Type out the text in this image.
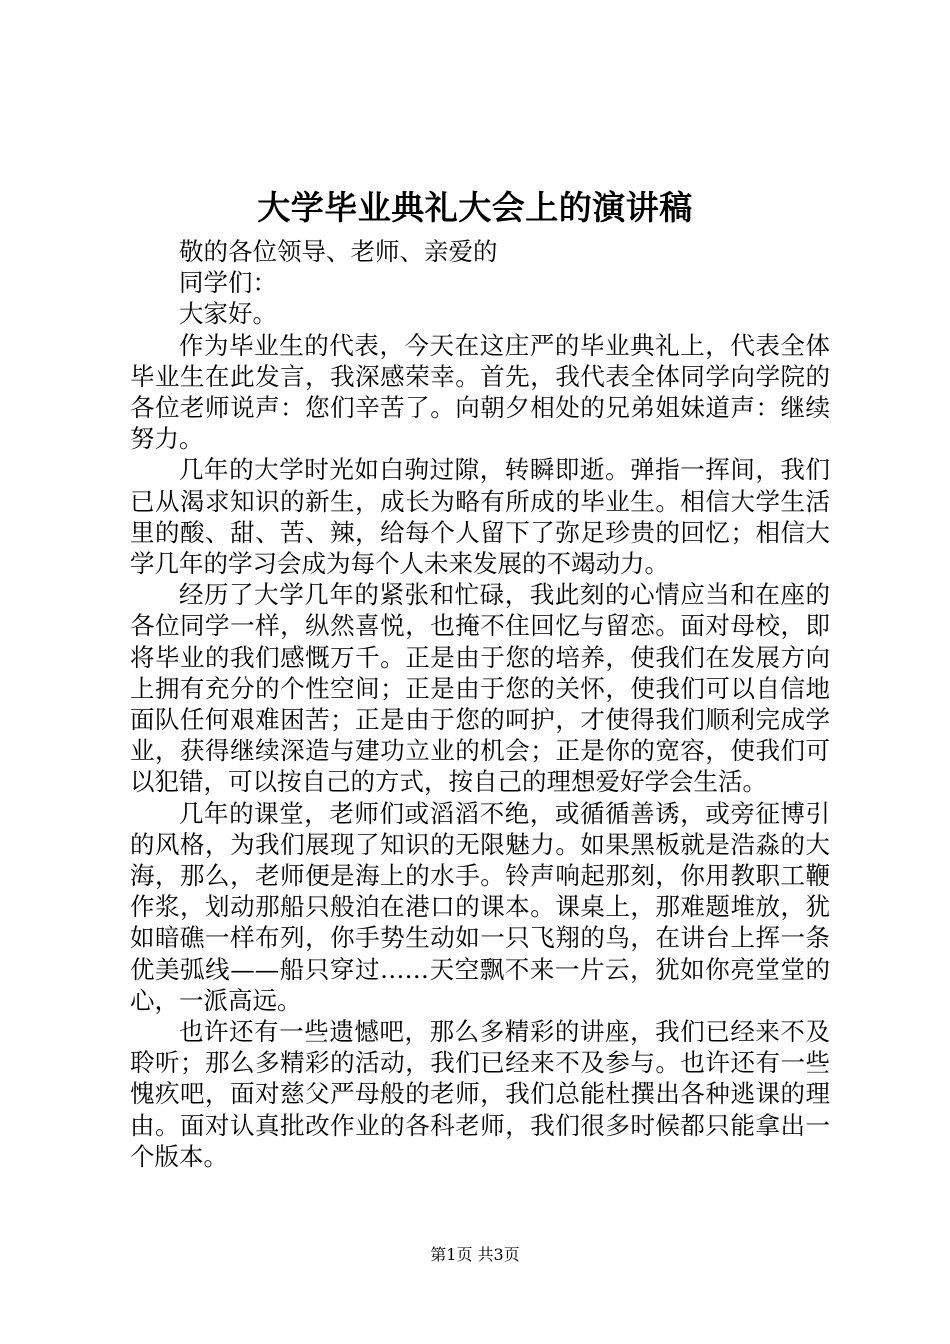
大学毕业典礼大会上的演讲稿

敬的各位领导、老师、亲爱的

同学们：

大家好。

作为毕业生的代表，今天在这庄严的毕业典礼上，代表全体毕业生在此发言，我深感荣幸。首先，我代表全体同学向学院的各位老师说声：您们辛苦了。向朝夕相处的兄弟姐妹道声：继续努力。

几年的大学时光如白驹过隙，转瞬即逝。弹指一挥间，我们已从渴求知识的新生，成长为略有所成的毕业生。相信大学生活里的酸、甜、苦、辣，给每个人留下了弥足珍贵的回忆；相信大学几年的学习会成为每个人未来发展的不竭动力。

经历了大学几年的紧张和忙碌，我此刻的心情应当和在座的各位同学一样，纵然喜悦，也掩不住回忆与留恋。面对母校，即将毕业的我们感慨万千。正是由于您的培养，使我们在发展方向上拥有充分的个性空间；正是由于您的关怀，使我们可以自信地面队任何艰难困苦；正是由于您的呵护，才使得我们顺利完成学业，获得继续深造与建功立业的机会；正是你的宽容，使我们可以犯错，可以按自己的方式，按自己的理想爱好学会生活。

几年的课堂，老师们或滔滔不绝，或循循善诱，或旁征博引的风格，为我们展现了知识的无限魅力。如果黑板就是浩淼的大海，那么，老师便是海上的水手。铃声响起那刻，你用教职工鞭作浆，划动那船只般泊在港口的课本。课桌上，那难题堆放，犹如暗礁一样布列，你手势生动如一只飞翔的鸟，在讲台上挥一条优美弧线——船只穿过……天空飘不来一片云，犹如你亮堂堂的心，一派高远。

也许还有一些遗憾吧，那么多精彩的讲座，我们已经来不及聆听；那么多精彩的活动，我们已经来不及参与。也许还有一些愧疚吧，面对慈父严母般的老师，我们总能杜撰出各种逃课的理由。面对认真批改作业的各科老师，我们很多时候都只能拿出一个版本。

第1页 共3页
